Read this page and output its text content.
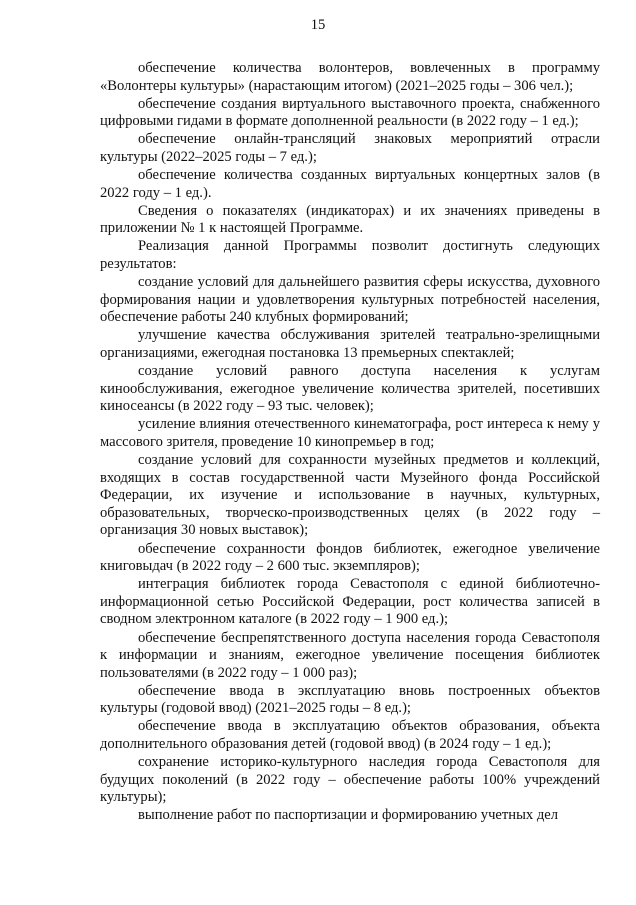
15

обеспечение количества волонтеров, вовлеченных в программу «Волонтеры культуры» (нарастающим итогом) (2021–2025 годы – 306 чел.);

обеспечение создания виртуального выставочного проекта, снабженного цифровыми гидами в формате дополненной реальности (в 2022 году – 1 ед.);

обеспечение онлайн-трансляций знаковых мероприятий отрасли культуры (2022–2025 годы – 7 ед.);

обеспечение количества созданных виртуальных концертных залов (в 2022 году – 1 ед.).

Сведения о показателях (индикаторах) и их значениях приведены в приложении № 1 к настоящей Программе.

Реализация данной Программы позволит достигнуть следующих результатов:

создание условий для дальнейшего развития сферы искусства, духовного формирования нации и удовлетворения культурных потребностей населения, обеспечение работы 240 клубных формирований;

улучшение качества обслуживания зрителей театрально-зрелищными организациями, ежегодная постановка 13 премьерных спектаклей;

создание условий равного доступа населения к услугам кинообслуживания, ежегодное увеличение количества зрителей, посетивших киносеансы (в 2022 году – 93 тыс. человек);

усиление влияния отечественного кинематографа, рост интереса к нему у массового зрителя, проведение 10 кинопремьер в год;

создание условий для сохранности музейных предметов и коллекций, входящих в состав государственной части Музейного фонда Российской Федерации, их изучение и использование в научных, культурных, образовательных, творческо-производственных целях (в 2022 году – организация 30 новых выставок);

обеспечение сохранности фондов библиотек, ежегодное увеличение книговыдач (в 2022 году – 2 600 тыс. экземпляров);

интеграция библиотек города Севастополя с единой библиотечно-информационной сетью Российской Федерации, рост количества записей в сводном электронном каталоге (в 2022 году – 1 900 ед.);

обеспечение беспрепятственного доступа населения города Севастополя к информации и знаниям, ежегодное увеличение посещения библиотек пользователями (в 2022 году – 1 000 раз);

обеспечение ввода в эксплуатацию вновь построенных объектов культуры (годовой ввод) (2021–2025 годы – 8 ед.);

обеспечение ввода в эксплуатацию объектов образования, объекта дополнительного образования детей (годовой ввод) (в 2024 году – 1 ед.);

сохранение историко-культурного наследия города Севастополя для будущих поколений (в 2022 году – обеспечение работы 100% учреждений культуры);

выполнение работ по паспортизации и формированию учетных дел
